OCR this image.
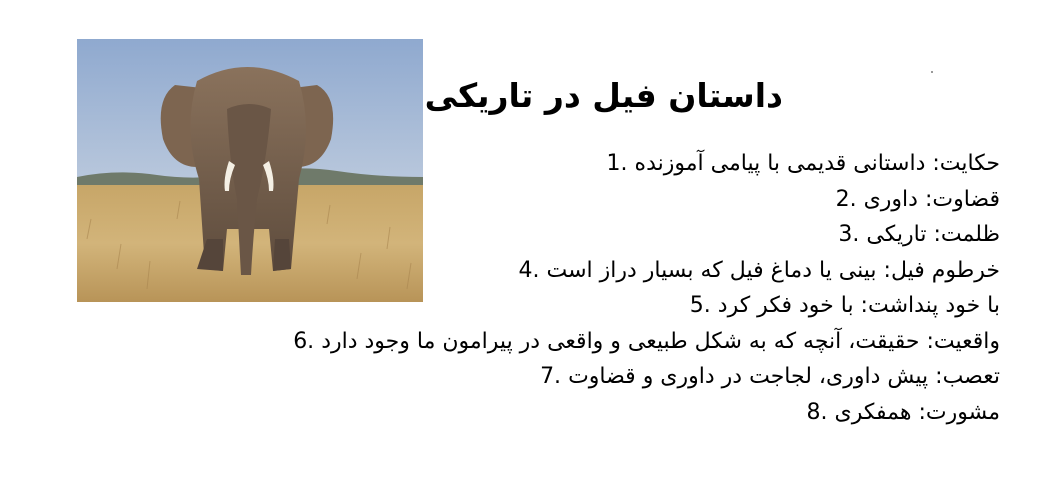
داستان فیل در تاریکی
1. حکایت: داستانی قدیمی با پیامی آموزنده
2. قضاوت: داوری
3. ظلمت: تاریکی
4. خرطوم فیل: بینی یا دماغ فیل که بسیار دراز است
5. با خود پنداشت: با خود فکر کرد
6. واقعیت: حقیقت، آنچه که به شکل طبیعی و واقعی در پیرامون ما وجود دارد
7. تعصب: پیش داوری، لجاجت در داوری و قضاوت
8. مشورت: همفکری
